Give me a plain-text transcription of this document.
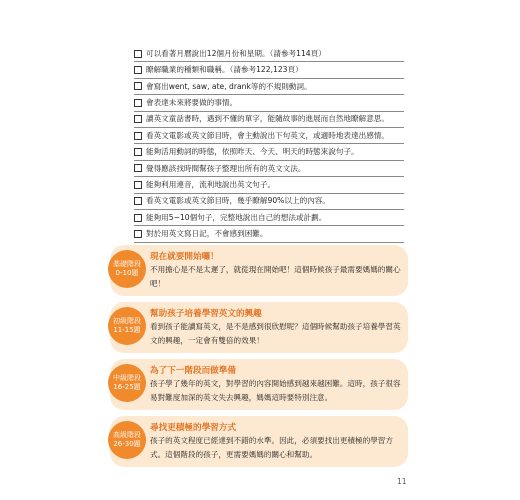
可以看著月曆說出12個月份和星期。（請參考114頁）
瞭解職業的種類和職稱。（請參考122,123頁）
會寫出went, saw, ate, drank等的不規則動詞。
會表達未來將要做的事情。
讀英文童話書時，遇到不懂的單字，能隨故事的進展而自然地瞭解意思。
看英文電影或英文節目時，會主動說出下句英文，或適時地表達出感情。
能夠活用動詞的時態，依照昨天、今天、明天的時態來說句子。
覺得應該找時間幫孩子整理出所有的英文文法。
能夠利用連音，流利地說出英文句子。
看英文電影或英文節目時，幾乎瞭解90%以上的內容。
能夠用5~10個句子，完整地說出自己的想法或計劃。
對於用英文寫日記，不會感到困難。
基礎階段
0-10題
現在就要開始囉！
不用擔心是不是太遲了，就從現在開始吧！這個時候孩子最需要媽媽的關心吧！
初級階段
11-15題
幫助孩子培養學習英文的興趣
看到孩子能讀寫英文，是不是感到很欣慰呢？這個時候幫助孩子培養學習英文的興趣，一定會有雙倍的效果！
中級階段
16-25題
為了下一階段而做準備
孩子學了幾年的英文，對學習的內容開始感到越來越困難。這時，孩子很容易對難度加深的英文失去興趣，媽媽這時要特別注意。
高級階段
26-30題
尋找更積極的學習方式
孩子的英文程度已經達到不錯的水準。因此，必須要找出更積極的學習方式。這個階段的孩子，更需要媽媽的關心和幫助。
11
